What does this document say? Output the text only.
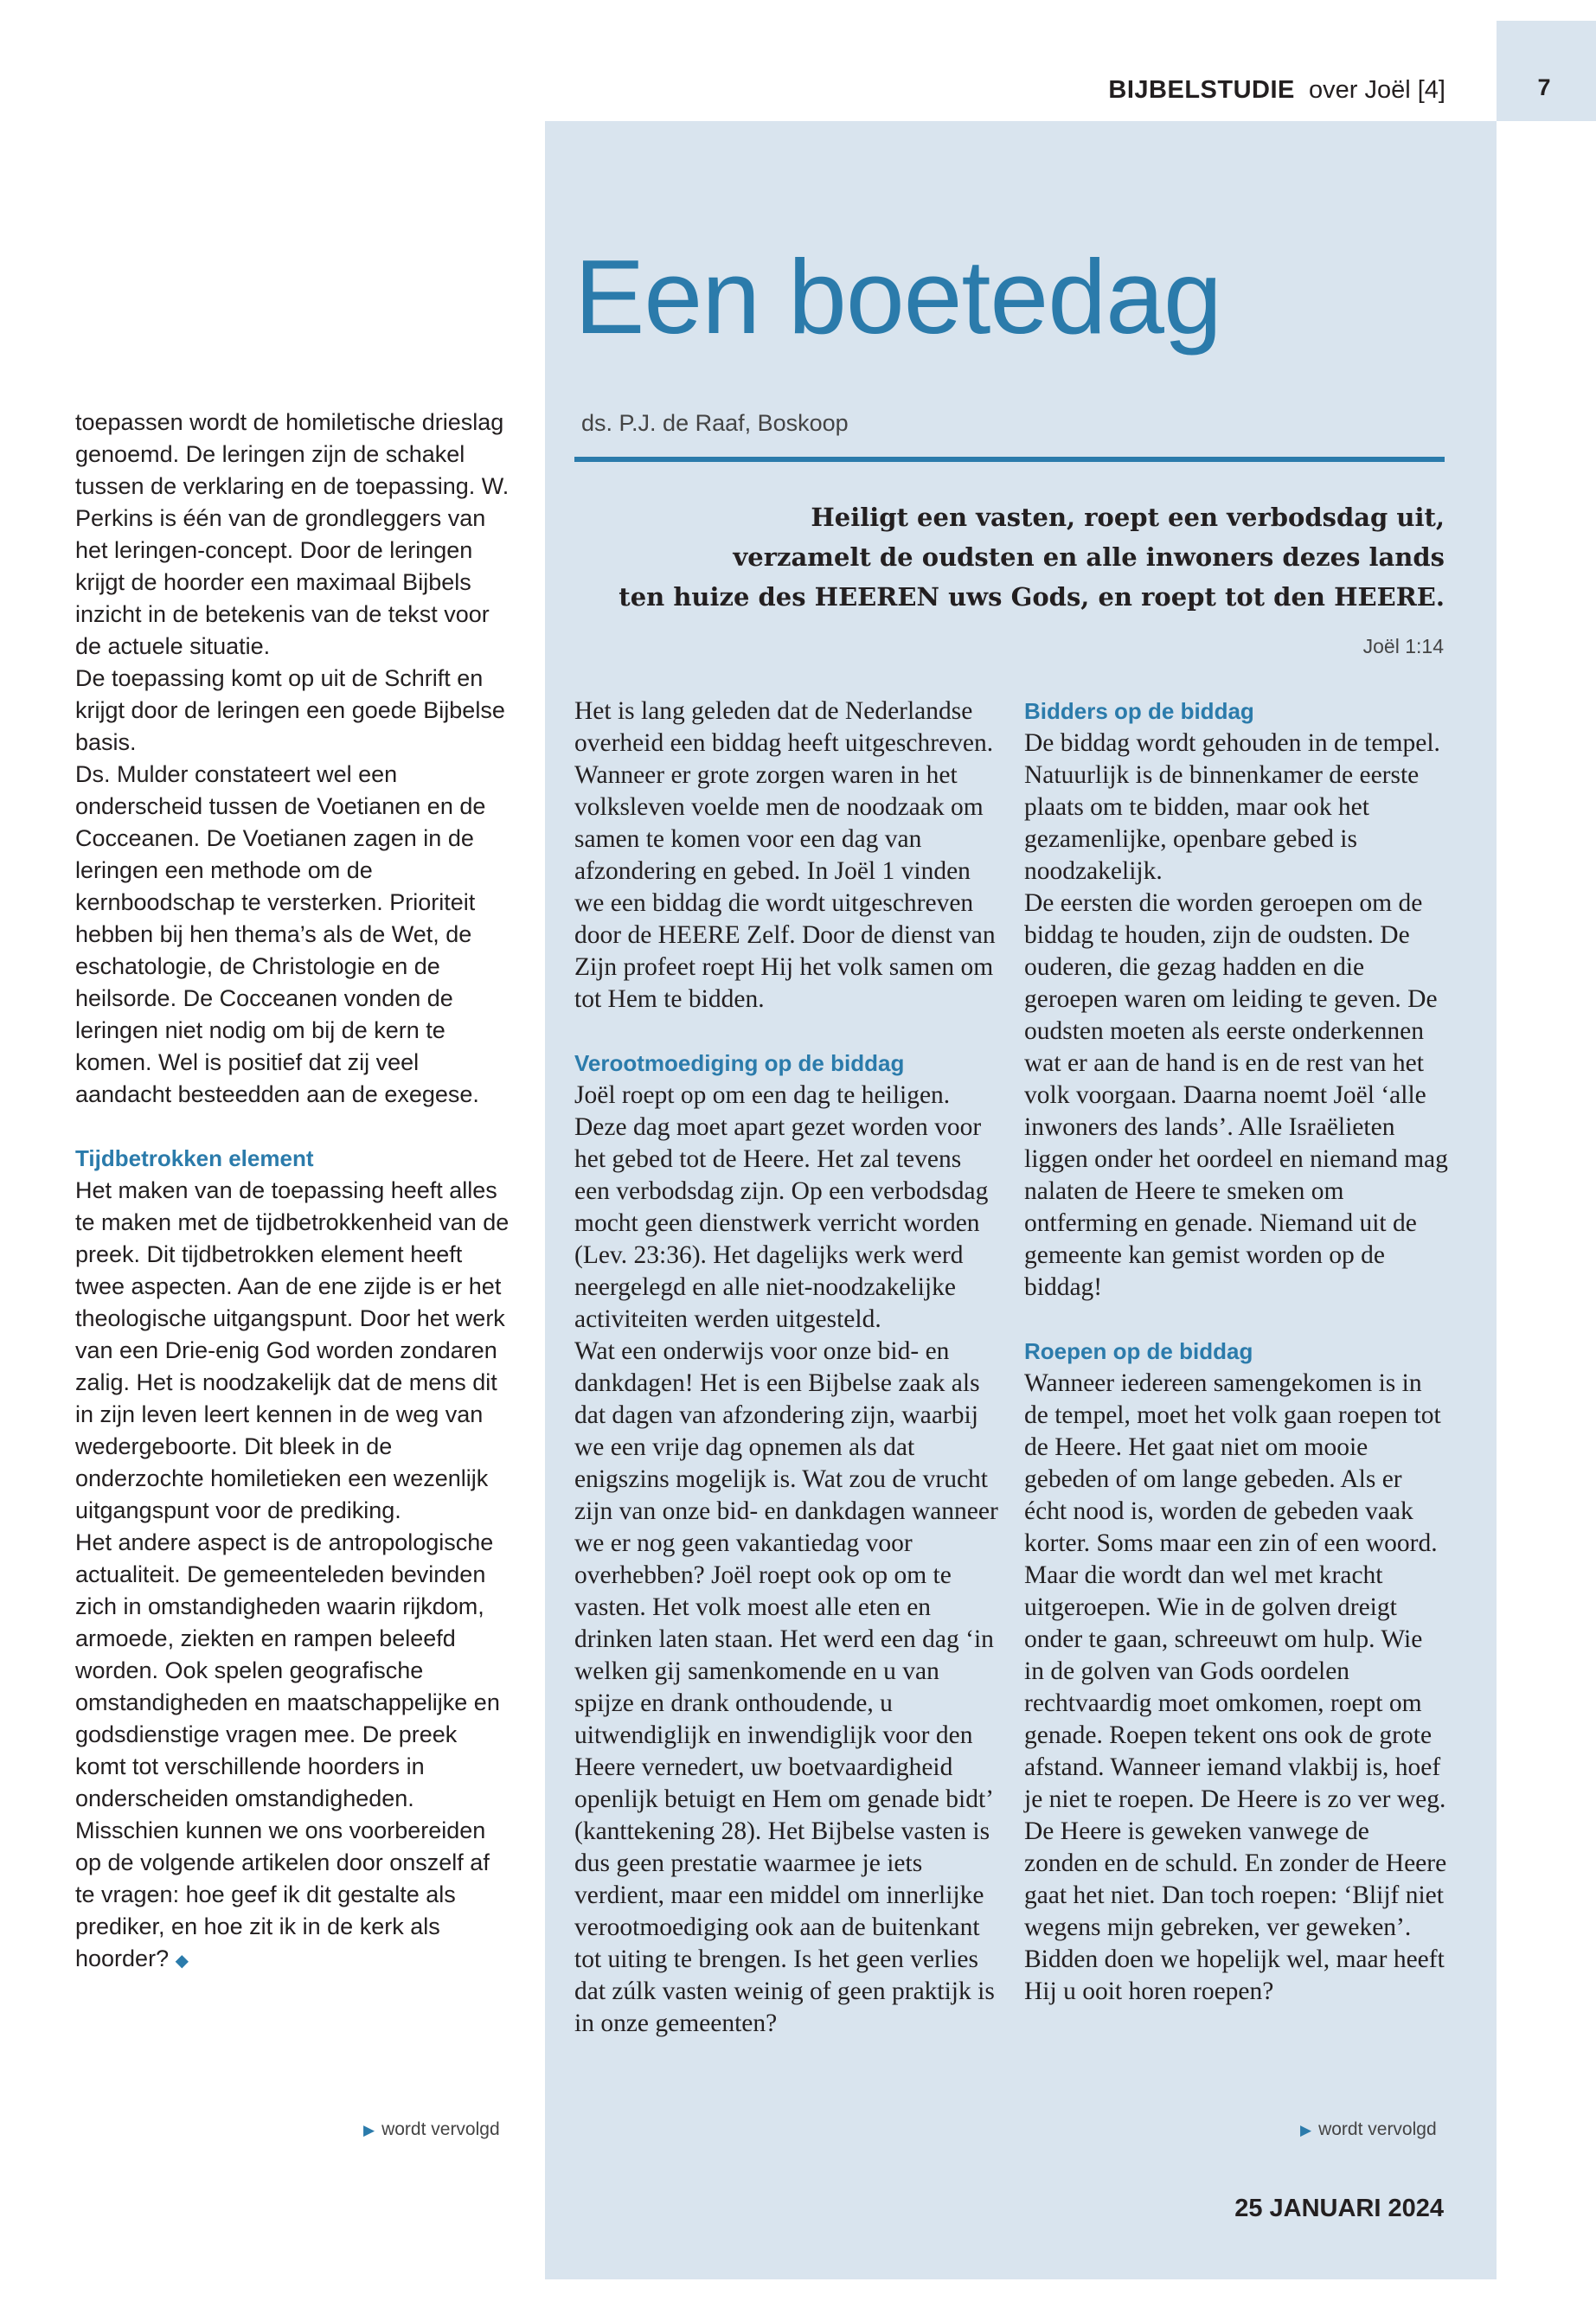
7
BIJBELSTUDIE over Joël [4]
Een boetedag
ds. P.J. de Raaf, Boskoop
Heiligt een vasten, roept een verbodsdag uit,
verzamelt de oudsten en alle inwoners dezes lands
ten huize des HEEREN uws Gods, en roept tot den HEERE.
Joël 1:14

toepassen wordt de homiletische drieslag genoemd. De leringen zijn de schakel tussen de verklaring en de toepassing. W. Perkins is één van de grondleggers van het leringen-concept. Door de leringen krijgt de hoorder een maximaal Bijbels inzicht in de betekenis van de tekst voor de actuele situatie.

De toepassing komt op uit de Schrift en krijgt door de leringen een goede Bijbelse basis.

Ds. Mulder constateert wel een onderscheid tussen de Voetianen en de Cocceanen. De Voetianen zagen in de leringen een methode om de kernboodschap te versterken. Prioriteit hebben bij hen thema’s als de Wet, de eschatologie, de Christologie en de heilsorde. De Cocceanen vonden de leringen niet nodig om bij de kern te komen. Wel is positief dat zij veel aandacht besteedden aan de exegese.

Tijdbetrokken element

Het maken van de toepassing heeft alles te maken met de tijdbetrokkenheid van de preek. Dit tijdbetrokken element heeft twee aspecten. Aan de ene zijde is er het theologische uitgangspunt. Door het werk van een Drie-enig God worden zondaren zalig. Het is noodzakelijk dat de mens dit in zijn leven leert kennen in de weg van wedergeboorte. Dit bleek in de onderzochte homiletieken een wezenlijk uitgangspunt voor de prediking.

Het andere aspect is de antropologische actualiteit. De gemeenteleden bevinden zich in omstandigheden waarin rijkdom, armoede, ziekten en rampen beleefd worden. Ook spelen geografische omstandigheden en maatschappelijke en godsdienstige vragen mee. De preek komt tot verschillende hoorders in onderscheiden omstandigheden.

Misschien kunnen we ons voorbereiden op de volgende artikelen door onszelf af te vragen: hoe geef ik dit gestalte als prediker, en hoe zit ik in de kerk als hoorder? ◆

▶ wordt vervolgd

Het is lang geleden dat de Nederlandse overheid een biddag heeft uitgeschreven. Wanneer er grote zorgen waren in het volksleven voelde men de noodzaak om samen te komen voor een dag van afzondering en gebed. In Joël 1 vinden we een biddag die wordt uitgeschreven door de HEERE Zelf. Door de dienst van Zijn profeet roept Hij het volk samen om tot Hem te bidden.

Verootmoediging op de biddag

Joël roept op om een dag te heiligen. Deze dag moet apart gezet worden voor het gebed tot de Heere. Het zal tevens een verbodsdag zijn. Op een verbodsdag mocht geen dienstwerk verricht worden (Lev. 23:36). Het dagelijks werk werd neergelegd en alle niet-noodzakelijke activiteiten werden uitgesteld.

Wat een onderwijs voor onze bid- en dankdagen! Het is een Bijbelse zaak als dat dagen van afzondering zijn, waarbij we een vrije dag opnemen als dat enigszins mogelijk is. Wat zou de vrucht zijn van onze bid- en dankdagen wanneer we er nog geen vakantiedag voor overhebben? Joël roept ook op om te vasten. Het volk moest alle eten en drinken laten staan. Het werd een dag ‘in welken gij samenkomende en u van spijze en drank onthoudende, u uitwendiglijk en inwendiglijk voor den Heere vernedert, uw boetvaardigheid openlijk betuigt en Hem om genade bidt’ (kanttekening 28). Het Bijbelse vasten is dus geen prestatie waarmee je iets verdient, maar een middel om innerlijke verootmoediging ook aan de buitenkant tot uiting te brengen. Is het geen verlies dat zúlk vasten weinig of geen praktijk is in onze gemeenten?

Bidders op de biddag

De biddag wordt gehouden in de tempel. Natuurlijk is de binnenkamer de eerste plaats om te bidden, maar ook het gezamenlijke, openbare gebed is noodzakelijk.

De eersten die worden geroepen om de biddag te houden, zijn de oudsten. De ouderen, die gezag hadden en die geroepen waren om leiding te geven. De oudsten moeten als eerste onderkennen wat er aan de hand is en de rest van het volk voorgaan. Daarna noemt Joël ‘alle inwoners des lands’. Alle Israëlieten liggen onder het oordeel en niemand mag nalaten de Heere te smeken om ontferming en genade. Niemand uit de gemeente kan gemist worden op de biddag!

Roepen op de biddag

Wanneer iedereen samengekomen is in de tempel, moet het volk gaan roepen tot de Heere. Het gaat niet om mooie gebeden of om lange gebeden. Als er écht nood is, worden de gebeden vaak korter. Soms maar een zin of een woord. Maar die wordt dan wel met kracht uitgeroepen. Wie in de golven dreigt onder te gaan, schreeuwt om hulp. Wie in de golven van Gods oordelen rechtvaardig moet omkomen, roept om genade. Roepen tekent ons ook de grote afstand. Wanneer iemand vlakbij is, hoef je niet te roepen. De Heere is zo ver weg. De Heere is geweken vanwege de zonden en de schuld. En zonder de Heere gaat het niet. Dan toch roepen: ‘Blijf niet wegens mijn gebreken, ver geweken’. Bidden doen we hopelijk wel, maar heeft Hij u ooit horen roepen?

▶ wordt vervolgd
25 JANUARI 2024
